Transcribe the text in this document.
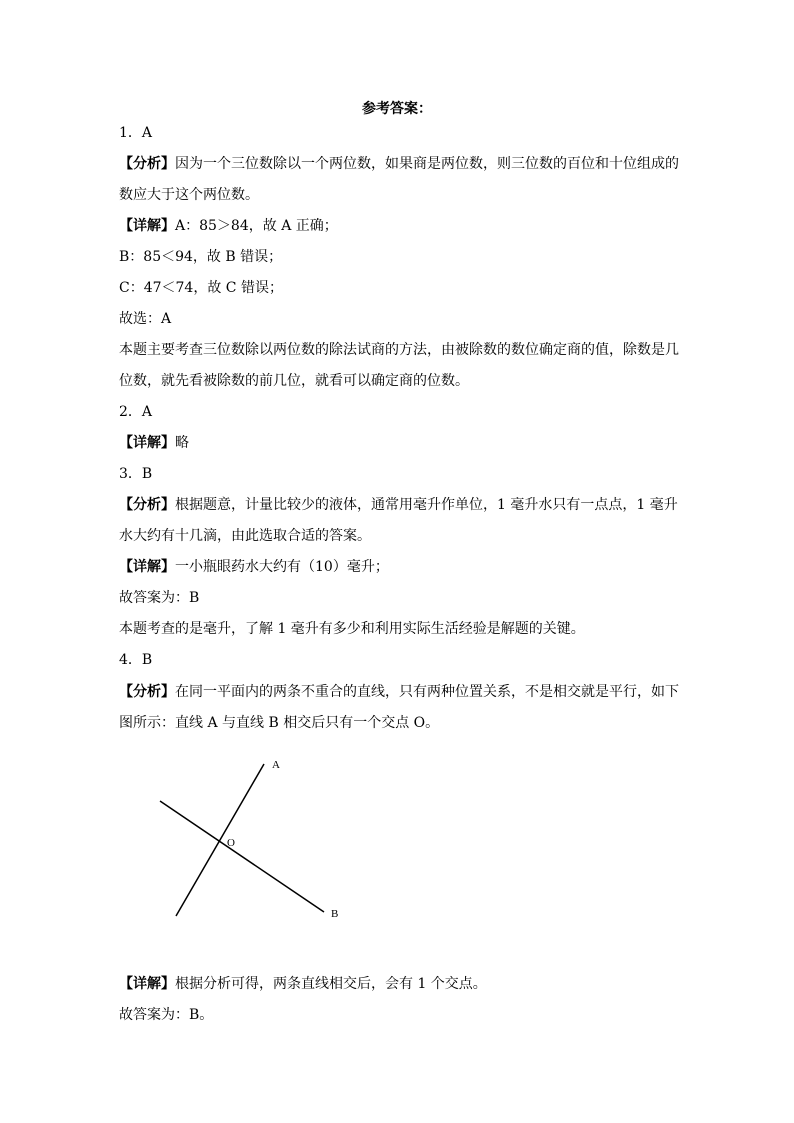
参考答案：
1．A
【分析】因为一个三位数除以一个两位数，如果商是两位数，则三位数的百位和十位组成的
数应大于这个两位数。
【详解】A：85＞84，故 A 正确；
B：85＜94，故 B 错误；
C：47＜74，故 C 错误；
故选：A
本题主要考查三位数除以两位数的除法试商的方法，由被除数的数位确定商的值，除数是几
位数，就先看被除数的前几位，就看可以确定商的位数。
2．A
【详解】略
3．B
【分析】根据题意，计量比较少的液体，通常用毫升作单位，1 毫升水只有一点点，1 毫升
水大约有十几滴，由此选取合适的答案。
【详解】一小瓶眼药水大约有（10）毫升；
故答案为：B
本题考查的是毫升，了解 1 毫升有多少和利用实际生活经验是解题的关键。
4．B
【分析】在同一平面内的两条不重合的直线，只有两种位置关系，不是相交就是平行，如下
图所示：直线 A 与直线 B 相交后只有一个交点 O。
A
O
B
【详解】根据分析可得，两条直线相交后，会有 1 个交点。
故答案为：B。
